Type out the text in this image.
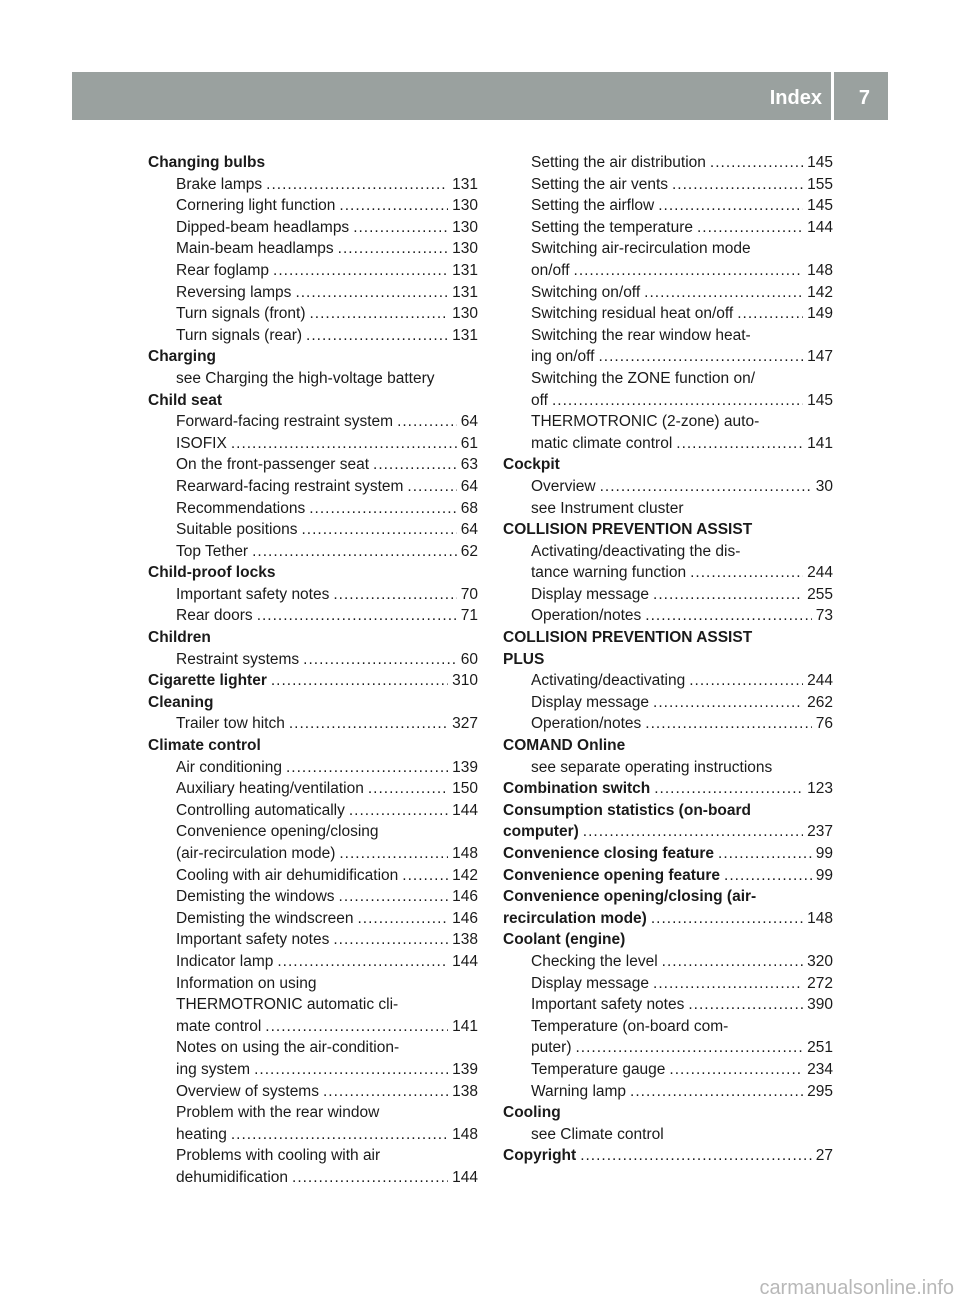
Index 7
Changing bulbs
Brake lamps .....	131
Cornering light function .....	130
Dipped-beam headlamps .....	130
Main-beam headlamps .....	130
Rear foglamp .....	131
Reversing lamps .....	131
Turn signals (front) .....	130
Turn signals (rear) .....	131
Charging
see Charging the high-voltage battery
Child seat
Forward-facing restraint system .....	64
ISOFIX .....	61
On the front-passenger seat .....	63
Rearward-facing restraint system .....	64
Recommendations .....	68
Suitable positions .....	64
Top Tether .....	62
Child-proof locks
Important safety notes .....	70
Rear doors .....	71
Children
Restraint systems .....	60
Cigarette lighter .....	310
Cleaning
Trailer tow hitch .....	327
Climate control
Air conditioning .....	139
Auxiliary heating/ventilation .....	150
Controlling automatically .....	144
Convenience opening/closing
(air-recirculation mode) .....	148
Cooling with air dehumidification .....	142
Demisting the windows .....	146
Demisting the windscreen .....	146
Important safety notes .....	138
Indicator lamp .....	144
Information on using
THERMOTRONIC automatic cli-
mate control .....	141
Notes on using the air-condition-
ing system .....	139
Overview of systems .....	138
Problem with the rear window
heating .....	148
Problems with cooling with air
dehumidification .....	144
Setting the air distribution .....	145
Setting the air vents .....	155
Setting the airflow .....	145
Setting the temperature .....	144
Switching air-recirculation mode
on/off .....	148
Switching on/off .....	142
Switching residual heat on/off .....	149
Switching the rear window heat-
ing on/off .....	147
Switching the ZONE function on/
off .....	145
THERMOTRONIC (2-zone) auto-
matic climate control .....	141
Cockpit
Overview .....	30
see Instrument cluster
COLLISION PREVENTION ASSIST
Activating/deactivating the dis-
tance warning function .....	244
Display message .....	255
Operation/notes .....	73
COLLISION PREVENTION ASSIST
PLUS
Activating/deactivating .....	244
Display message .....	262
Operation/notes .....	76
COMAND Online
see separate operating instructions
Combination switch .....	123
Consumption statistics (on-board
computer) .....	237
Convenience closing feature .....	99
Convenience opening feature .....	99
Convenience opening/closing (air-
recirculation mode) .....	148
Coolant (engine)
Checking the level .....	320
Display message .....	272
Important safety notes .....	390
Temperature (on-board com-
puter) .....	251
Temperature gauge .....	234
Warning lamp .....	295
Cooling
see Climate control
Copyright .....	27
carmanualsonline.info
